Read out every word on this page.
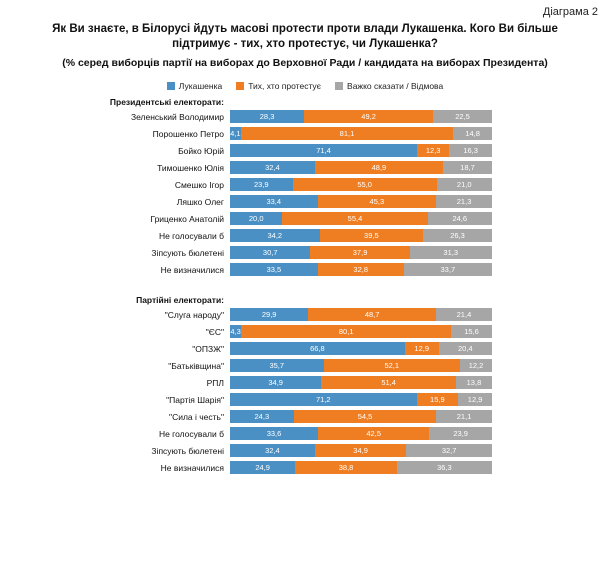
Діаграма 2
Як Ви знаєте, в Білорусі йдуть масові протести проти влади Лукашенка. Кого Ви більше
підтримує - тих, хто протестує, чи Лукашенка?
(% серед виборців партії на виборах до Верховної Ради / кандидата на виборах Президента)
Лукашенка	Тих, хто протестує	Важко сказати / Відмова
Президентські електорати:
Зеленський Володимир	28,3	49,2	22,5
Порошенко Петро 4,1	81,1	14,8
Бойко Юрій	71,4	12,3	16,3
Тимошенко Юлія	32,4	48,9	18,7
Смешко Ігор	23,9	55,0	21,0
Ляшко Олег	33,4	45,3	21,3
Гриценко Анатолій	20,0	55,4	24,6
Не голосували б	34,2	39,5	26,3
Зіпсують бюлетені	30,7	37,9	31,3
Не визначилися	33,5	32,8	33,7
Партійні електорати:
"Слуга народу"	29,9	48,7	21,4
"ЄС" 4,3	80,1	15,6
"ОПЗЖ"	66,8	12,9	20,4
"Батьківщина"	35,7	52,1	12,2
РПЛ	34,9	51,4	13,8
"Партія Шарія"	71,2	15,9	12,9
"Сила і честь"	24,3	54,5	21,1
Не голосували б	33,6	42,5	23,9
Зіпсують бюлетені	32,4	34,9	32,7
Не визначилися	24,9	38,8	36,3
